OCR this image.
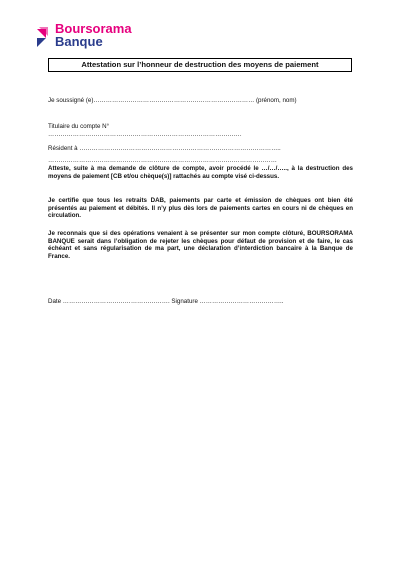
Boursorama
Banque
Attestation sur l’honneur de destruction des moyens de paiement
Je soussigné (e)…………………………………………………………………… (prénom, nom)
Titulaire du compte N°
………………………………………………………………………………….
Résident à ……………………………………………………………………………………..
…………………………………………………………………………………………………
Atteste, suite à ma demande de clôture de compte, avoir procédé le …/…/….., à la destruction des moyens de paiement [CB et/ou chèque(s)] rattachés au compte visé ci-dessus.
Je certifie que tous les retraits DAB, paiements par carte et émission de chèques ont bien été présentés au paiement et débités. Il n’y plus dès lors de paiements cartes en cours ni de chèques en circulation.
Je reconnais que si des opérations venaient à se présenter sur mon compte clôturé, BOURSORAMA BANQUE serait dans l’obligation de rejeter les chèques pour défaut de provision et de faire, le cas échéant et sans régularisation de ma part, une déclaration d’interdiction bancaire à la Banque de France.
Date ……………………………………………. Signature …………………………………..
